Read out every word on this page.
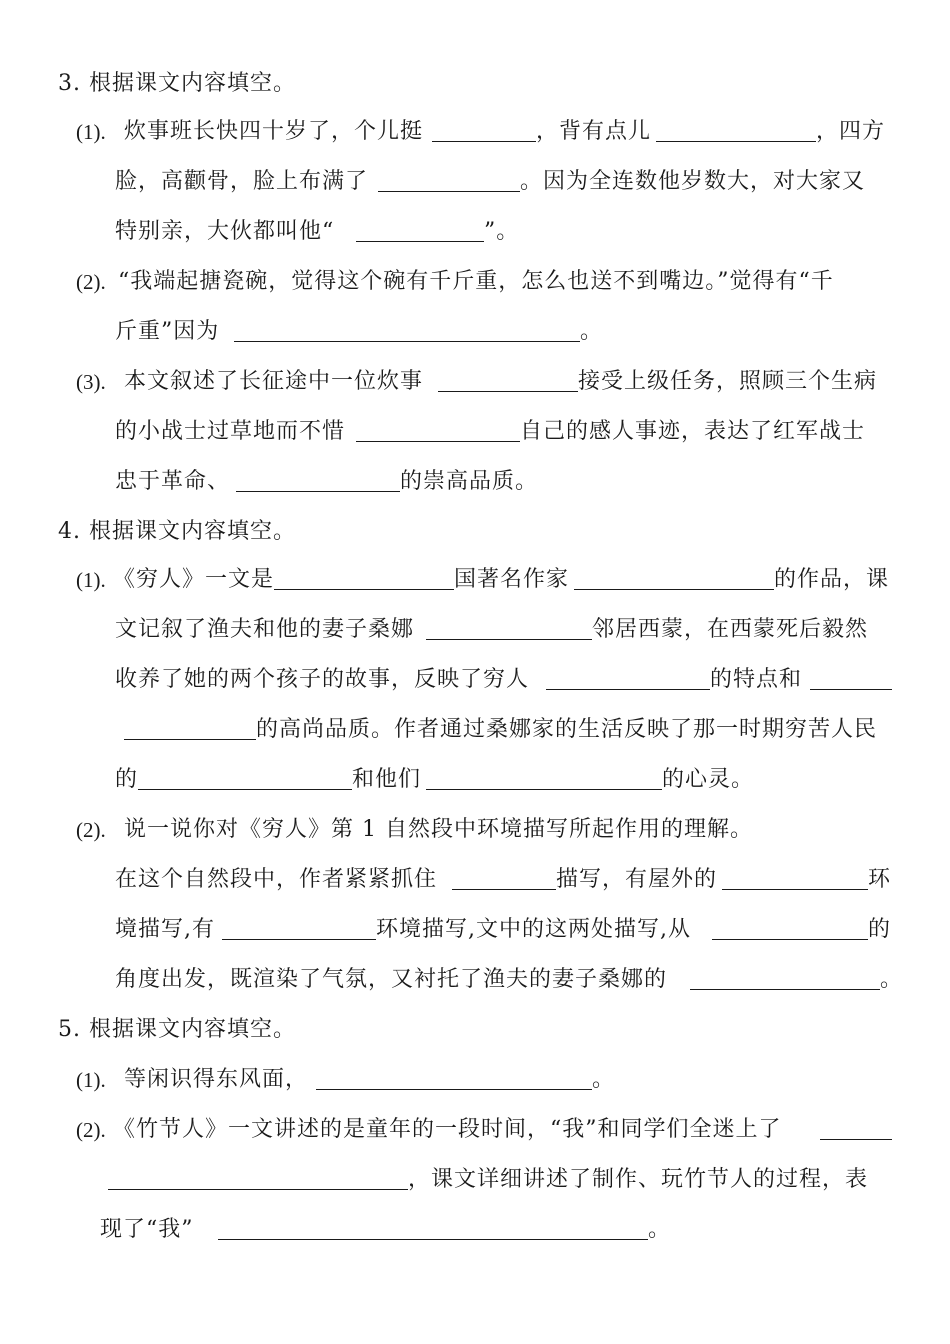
3. 根据课文内容填空。
(1). 炊事班长快四十岁了，个儿挺	，背有点儿	，四方
脸，高颧骨，脸上布满了	。因为全连数他岁数大，对大家又
特别亲，大伙都叫他“	”。
(2). “我端起搪瓷碗，觉得这个碗有千斤重，怎么也送不到嘴边。”觉得有“千
斤重”因为	。
(3). 本文叙述了长征途中一位炊事	接受上级任务，照顾三个生病
的小战士过草地而不惜	自己的感人事迹，表达了红军战士
忠于革命、	的崇高品质。
4. 根据课文内容填空。
(1). 《穷人》一文是	国著名作家	的作品，课
文记叙了渔夫和他的妻子桑娜	邻居西蒙，在西蒙死后毅然
收养了她的两个孩子的故事，反映了穷人	的特点和
的高尚品质。作者通过桑娜家的生活反映了那一时期穷苦人民
的	和他们	的心灵。
(2). 说一说你对《穷人》第 1 自然段中环境描写所起作用的理解。
在这个自然段中，作者紧紧抓住	描写，有屋外的	环
境描写,有	环境描写,文中的这两处描写,从	的
角度出发，既渲染了气氛，又衬托了渔夫的妻子桑娜的	。
5. 根据课文内容填空。
(1). 等闲识得东风面，	。
(2). 《竹节人》一文讲述的是童年的一段时间，“我”和同学们全迷上了
，课文详细讲述了制作、玩竹节人的过程，表
现了“我”	。
